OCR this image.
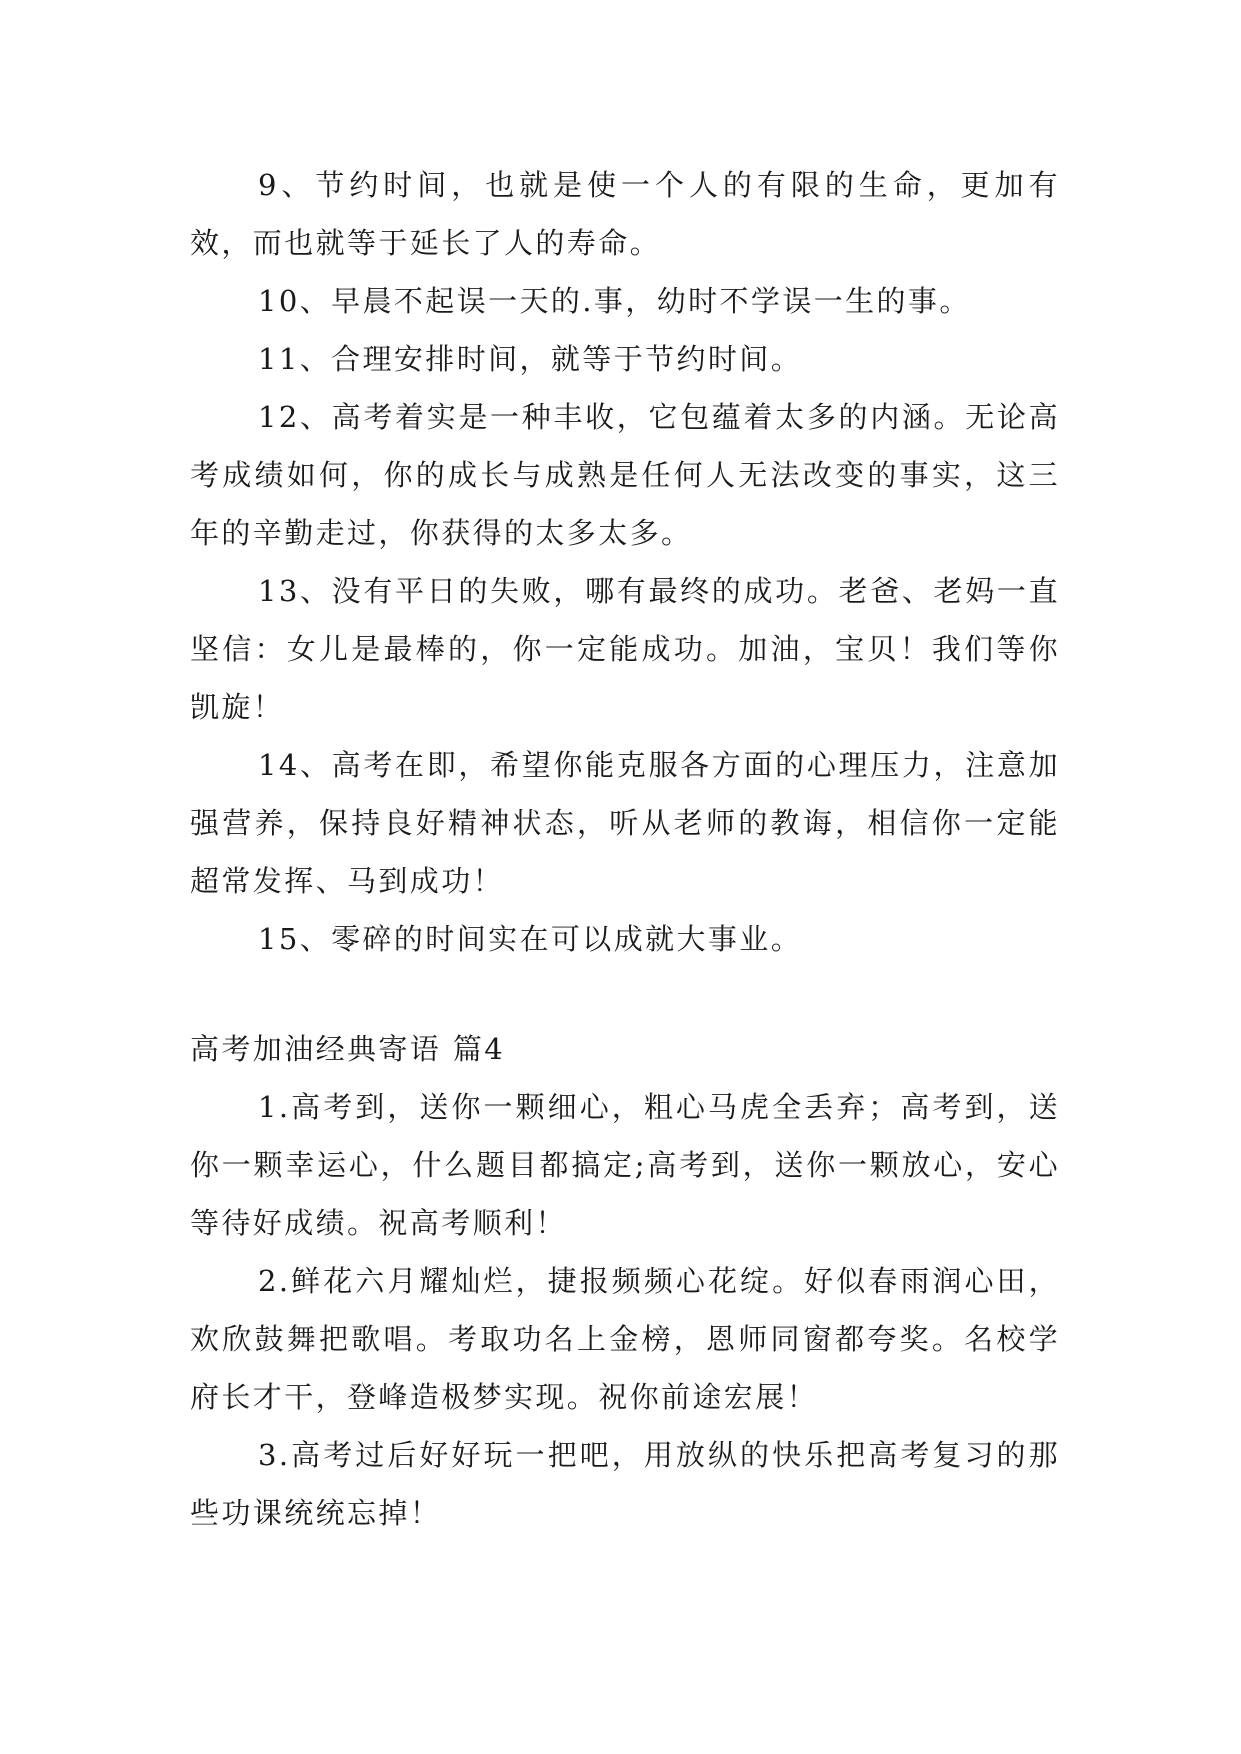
9、节约时间，也就是使一个人的有限的生命，更加有效，而也就等于延长了人的寿命。

10、早晨不起误一天的.事，幼时不学误一生的事。

11、合理安排时间，就等于节约时间。

12、高考着实是一种丰收，它包蕴着太多的内涵。无论高考成绩如何，你的成长与成熟是任何人无法改变的事实，这三年的辛勤走过，你获得的太多太多。

13、没有平日的失败，哪有最终的成功。老爸、老妈一直坚信：女儿是最棒的，你一定能成功。加油，宝贝！我们等你凯旋！

14、高考在即，希望你能克服各方面的心理压力，注意加强营养，保持良好精神状态，听从老师的教诲，相信你一定能超常发挥、马到成功！

15、零碎的时间实在可以成就大事业。

高考加油经典寄语 篇4

1.高考到，送你一颗细心，粗心马虎全丢弃；高考到，送你一颗幸运心，什么题目都搞定;高考到，送你一颗放心，安心等待好成绩。祝高考顺利！

2.鲜花六月耀灿烂，捷报频频心花绽。好似春雨润心田，欢欣鼓舞把歌唱。考取功名上金榜，恩师同窗都夸奖。名校学府长才干，登峰造极梦实现。祝你前途宏展！

3.高考过后好好玩一把吧，用放纵的快乐把高考复习的那些功课统统忘掉！
